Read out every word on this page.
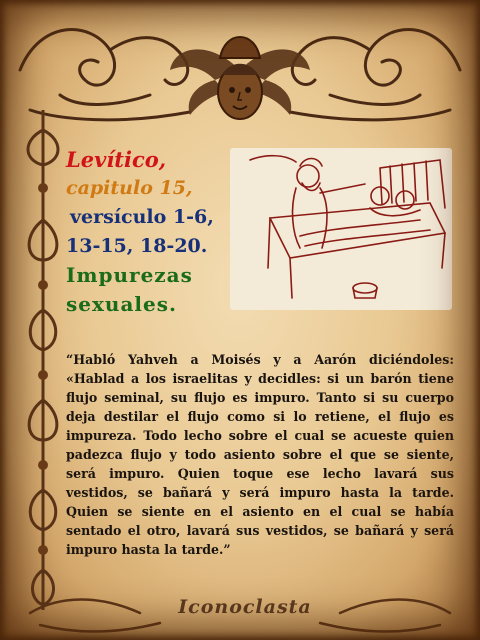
Levítico,
capitulo 15,
versículo 1-6,
13-15, 18-20.
Impurezas
sexuales.

“Habló Yahveh a Moisés y a Aarón diciéndoles: «Hablad a los israelitas y decidles: si un barón tiene flujo seminal, su flujo es impuro. Tanto si su cuerpo deja destilar el flujo como si lo retiene, el flujo es impureza. Todo lecho sobre el cual se acueste quien padezca flujo y todo asiento sobre el que se siente, será impuro. Quien toque ese lecho lavará sus vestidos, se bañará y será impuro hasta la tarde. Quien se siente en el asiento en el cual se había sentado el otro, lavará sus vestidos, se bañará y será impuro hasta la tarde.”

Iconoclasta
